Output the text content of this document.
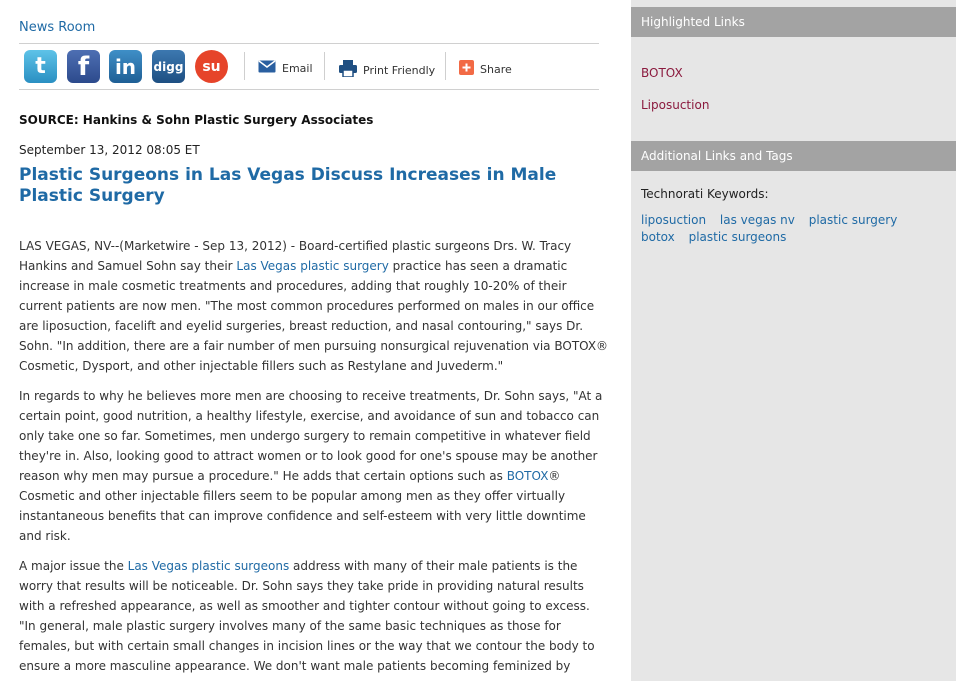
News Room
t	f	in	digg	su	Email	Print Friendly	Share
SOURCE: Hankins & Sohn Plastic Surgery Associates
September 13, 2012 08:05 ET
Plastic Surgeons in Las Vegas Discuss Increases in Male Plastic Surgery

LAS VEGAS, NV--(Marketwire - Sep 13, 2012) - Board-certified plastic surgeons Drs. W. Tracy Hankins and Samuel Sohn say their Las Vegas plastic surgery practice has seen a dramatic increase in male cosmetic treatments and procedures, adding that roughly 10-20% of their current patients are now men. "The most common procedures performed on males in our office are liposuction, facelift and eyelid surgeries, breast reduction, and nasal contouring," says Dr. Sohn. "In addition, there are a fair number of men pursuing nonsurgical rejuvenation via BOTOX® Cosmetic, Dysport, and other injectable fillers such as Restylane and Juvederm."

In regards to why he believes more men are choosing to receive treatments, Dr. Sohn says, "At a certain point, good nutrition, a healthy lifestyle, exercise, and avoidance of sun and tobacco can only take one so far. Sometimes, men undergo surgery to remain competitive in whatever field they're in. Also, looking good to attract women or to look good for one's spouse may be another reason why men may pursue a procedure." He adds that certain options such as BOTOX® Cosmetic and other injectable fillers seem to be popular among men as they offer virtually instantaneous benefits that can improve confidence and self-esteem with very little downtime and risk.

A major issue the Las Vegas plastic surgeons address with many of their male patients is the worry that results will be noticeable. Dr. Sohn says they take pride in providing natural results with a refreshed appearance, as well as smoother and tighter contour without going to excess. "In general, male plastic surgery involves many of the same basic techniques as those for females, but with certain small changes in incision lines or the way that we contour the body to ensure a more masculine appearance. We don't want male patients becoming feminized by

Highlighted Links
BOTOX
Liposuction
Additional Links and Tags
Technorati Keywords:
liposuction las vegas nv plastic surgery
botox plastic surgeons
